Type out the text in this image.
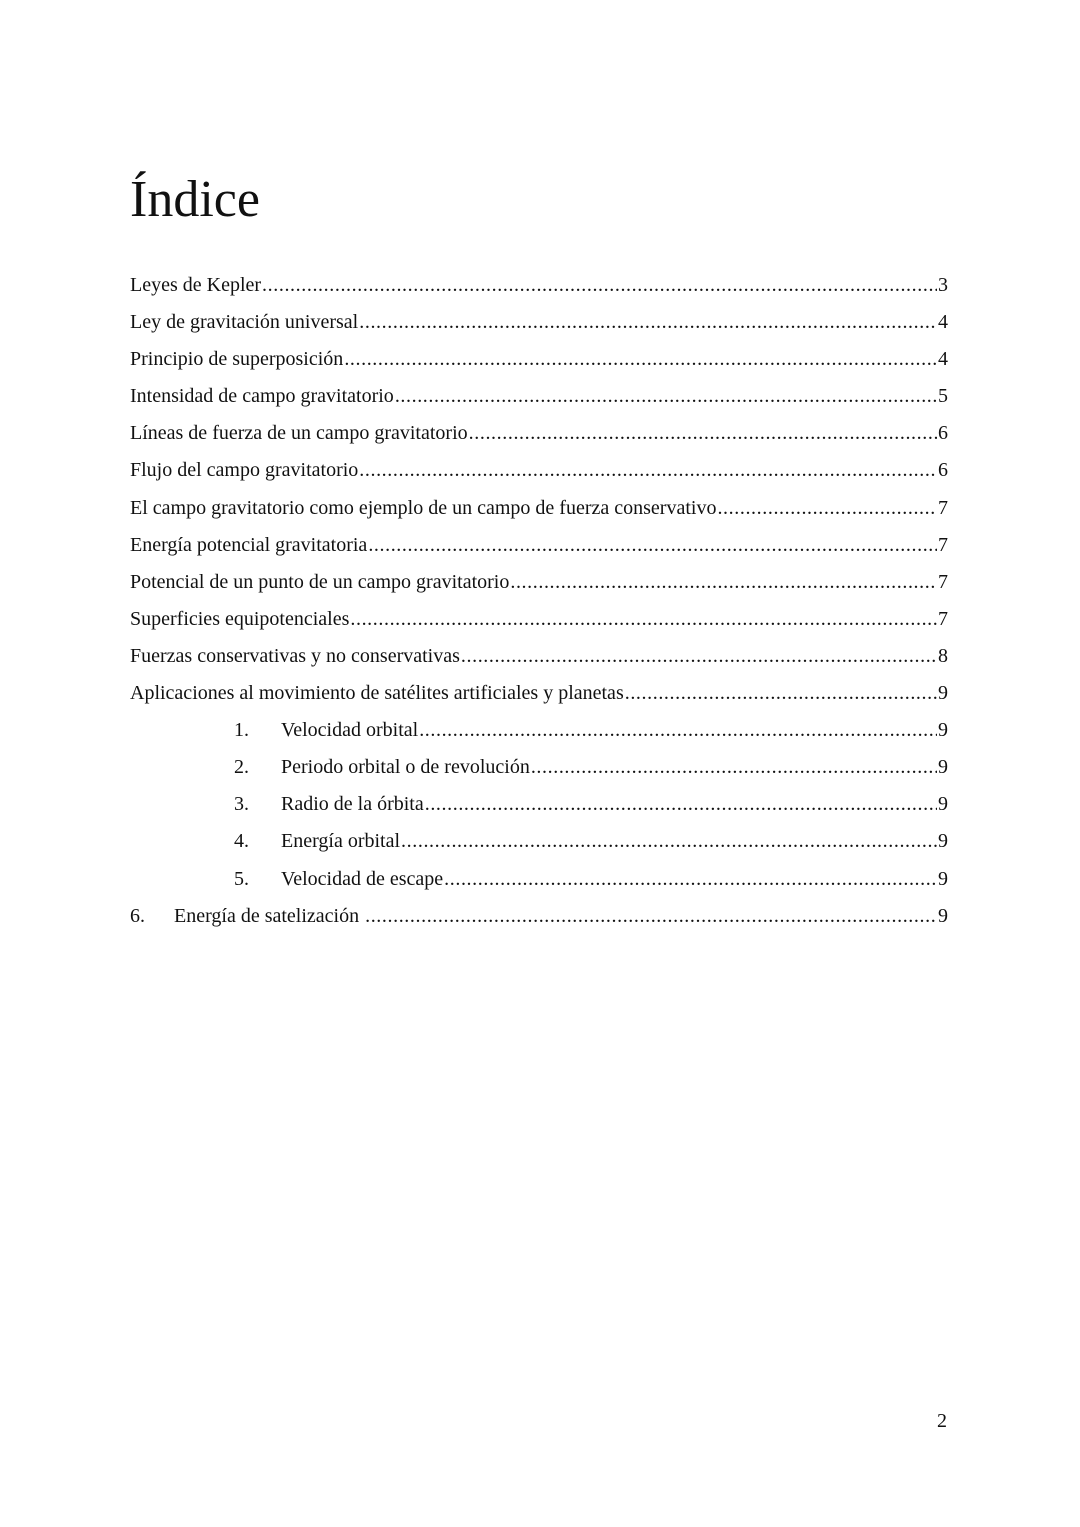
Índice
Leyes de Kepler .....	3
Ley de gravitación universal .....	4
Principio de superposición .....	4
Intensidad de campo gravitatorio .....	5
Líneas de fuerza de un campo gravitatorio .....	6
Flujo del campo gravitatorio .....	6
El campo gravitatorio como ejemplo de un campo de fuerza conservativo .....	7
Energía potencial gravitatoria .....	7
Potencial de un punto de un campo gravitatorio .....	7
Superficies equipotenciales .....	7
Fuerzas conservativas y no conservativas .....	8
Aplicaciones al movimiento de satélites artificiales y planetas .....	9
1.	Velocidad orbital .....	9
2.	Periodo orbital o de revolución .....	9
3.	Radio de la órbita .....	9
4.	Energía orbital .....	9
5.	Velocidad de escape .....	9
6.	Energía de satelización .....	9
2
